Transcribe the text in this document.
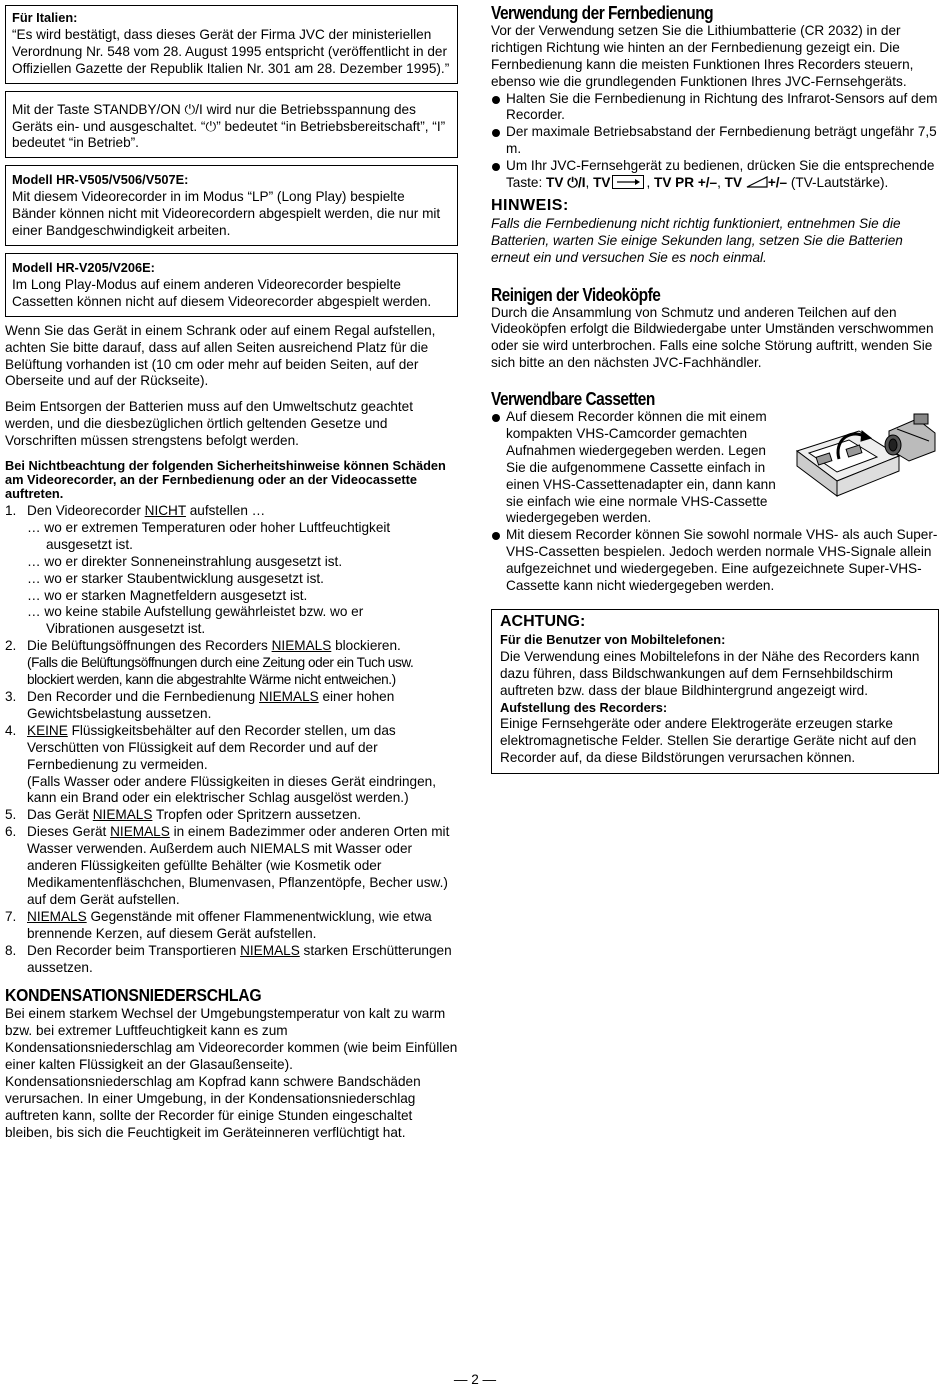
Für Italien:

“Es wird bestätigt, dass dieses Gerät der Firma JVC der ministeriellen Verordnung Nr. 548 vom 28. August 1995 entspricht (veröffentlicht in der Offiziellen Gazette der Republik Italien Nr. 301 am 28. Dezember 1995).”

Mit der Taste STANDBY/ON ⏻/I wird nur die Betriebsspannung des Geräts ein- und ausgeschaltet. “⏻” bedeutet “in Betriebsbereitschaft”, “I” bedeutet “in Betrieb”.

Modell HR-V505/V506/V507E:

Mit diesem Videorecorder in im Modus “LP” (Long Play) bespielte Bänder können nicht mit Videorecordern abgespielt werden, die nur mit einer Bandgeschwindigkeit arbeiten.

Modell HR-V205/V206E:

Im Long Play-Modus auf einem anderen Videorecorder bespielte Cassetten können nicht auf diesem Videorecorder abgespielt werden.

Wenn Sie das Gerät in einem Schrank oder auf einem Regal aufstellen, achten Sie bitte darauf, dass auf allen Seiten ausreichend Platz für die Belüftung vorhanden ist (10 cm oder mehr auf beiden Seiten, auf der Oberseite und auf der Rückseite).

Beim Entsorgen der Batterien muss auf den Umweltschutz geachtet werden, und die diesbezüglichen örtlich geltenden Gesetze und Vorschriften müssen strengstens befolgt werden.

Bei Nichtbeachtung der folgenden Sicherheitshinweise können Schäden am Videorecorder, an der Fernbedienung oder an der Videocassette auftreten.

1. Den Videorecorder NICHT aufstellen …
… wo er extremen Temperaturen oder hoher Luftfeuchtigkeit
ausgesetzt ist.
… wo er direkter Sonneneinstrahlung ausgesetzt ist.
… wo er starker Staubentwicklung ausgesetzt ist.
… wo er starken Magnetfeldern ausgesetzt ist.
… wo keine stabile Aufstellung gewährleistet bzw. wo er
Vibrationen ausgesetzt ist.
2. Die Belüftungsöffnungen des Recorders NIEMALS blockieren.
(Falls die Belüftungsöffnungen durch eine Zeitung oder ein Tuch usw. blockiert werden, kann die abgestrahlte Wärme nicht entweichen.)
3. Den Recorder und die Fernbedienung NIEMALS einer hohen Gewichtsbelastung aussetzen.
4. KEINE Flüssigkeitsbehälter auf den Recorder stellen, um das Verschütten von Flüssigkeit auf dem Recorder und auf der Fernbedienung zu vermeiden.
(Falls Wasser oder andere Flüssigkeiten in dieses Gerät eindringen, kann ein Brand oder ein elektrischer Schlag ausgelöst werden.)
5. Das Gerät NIEMALS Tropfen oder Spritzern aussetzen.
6. Dieses Gerät NIEMALS in einem Badezimmer oder anderen Orten mit Wasser verwenden. Außerdem auch NIEMALS mit Wasser oder anderen Flüssigkeiten gefüllte Behälter (wie Kosmetik oder Medikamentenfläschchen, Blumenvasen, Pflanzentöpfe, Becher usw.) auf dem Gerät aufstellen.
7. NIEMALS Gegenstände mit offener Flammenentwicklung, wie etwa brennende Kerzen, auf diesem Gerät aufstellen.
8. Den Recorder beim Transportieren NIEMALS starken Erschütterungen aussetzen.
KONDENSATIONSNIEDERSCHLAG

Bei einem starkem Wechsel der Umgebungstemperatur von kalt zu warm bzw. bei extremer Luftfeuchtigkeit kann es zum Kondensationsniederschlag am Videorecorder kommen (wie beim Einfüllen einer kalten Flüssigkeit an der Glasaußenseite). Kondensationsniederschlag am Kopfrad kann schwere Bandschäden verursachen. In einer Umgebung, in der Kondensationsniederschlag auftreten kann, sollte der Recorder für einige Stunden eingeschaltet bleiben, bis sich die Feuchtigkeit im Geräteinneren verflüchtigt hat.

Verwendung der Fernbedienung

Vor der Verwendung setzen Sie die Lithiumbatterie (CR 2032) in der richtigen Richtung wie hinten an der Fernbedienung gezeigt ein. Die Fernbedienung kann die meisten Funktionen Ihres Recorders steuern, ebenso wie die grundlegenden Funktionen Ihres JVC-Fernsehgeräts.

Halten Sie die Fernbedienung in Richtung des Infrarot-Sensors auf dem Recorder.
Der maximale Betriebsabstand der Fernbedienung beträgt ungefähr 7,5 m.
Um Ihr JVC-Fernsehgerät zu bedienen, drücken Sie die entsprechende Taste: TV ⏻/I, TV	, TV PR +/–, TV +/– (TV-Lautstärke).
HINWEIS:

Falls die Fernbedienung nicht richtig funktioniert, entnehmen Sie die Batterien, warten Sie einige Sekunden lang, setzen Sie die Batterien erneut ein und versuchen Sie es noch einmal.

Reinigen der Videoköpfe

Durch die Ansammlung von Schmutz und anderen Teilchen auf den Videoköpfen erfolgt die Bildwiedergabe unter Umständen verschwommen oder sie wird unterbrochen. Falls eine solche Störung auftritt, wenden Sie sich bitte an den nächsten JVC-Fachhändler.

Verwendbare Cassetten
Auf diesem Recorder können die mit einem kompakten VHS-Camcorder gemachten Aufnahmen wiedergegeben werden. Legen Sie die aufgenommene Cassette einfach in einen VHS-Cassettenadapter ein, dann kann sie einfach wie eine normale VHS-Cassette wiedergegeben werden.
Mit diesem Recorder können Sie sowohl normale VHS- als auch Super-VHS-Cassetten bespielen. Jedoch werden normale VHS-Signale allein aufgezeichnet und wiedergegeben. Eine aufgezeichnete Super-VHS-Cassette kann nicht wiedergegeben werden.
ACHTUNG:

Für die Benutzer von Mobiltelefonen:

Die Verwendung eines Mobiltelefons in der Nähe des Recorders kann dazu führen, dass Bildschwankungen auf dem Fernsehbildschirm auftreten bzw. dass der blaue Bildhintergrund angezeigt wird.

Aufstellung des Recorders:

Einige Fernsehgeräte oder andere Elektrogeräte erzeugen starke elektromagnetische Felder. Stellen Sie derartige Geräte nicht auf den Recorder auf, da diese Bildstörungen verursachen können.

— 2 —
